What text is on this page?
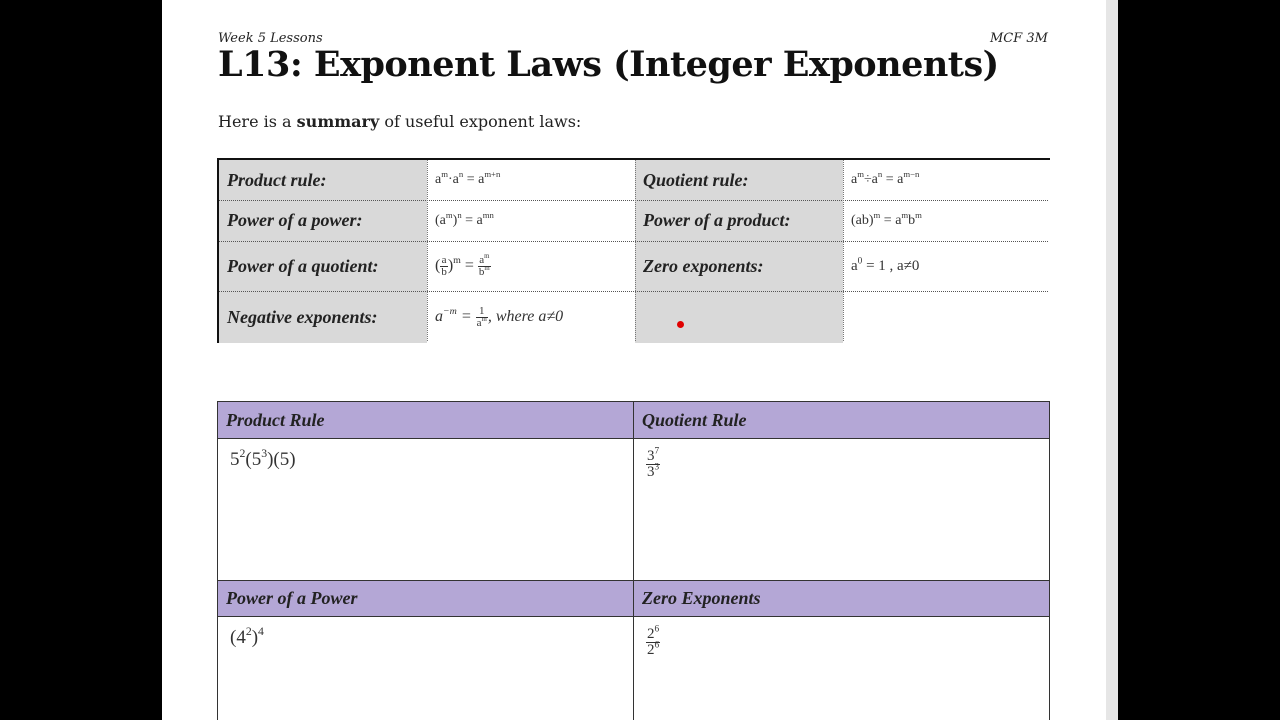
Week 5 Lessons	MCF 3M
L13: Exponent Laws (Integer Exponents)
Here is a summary of useful exponent laws:
Product rule:	$a^m\cdot a^n = a^{m+n}$	Quotient rule:	$a^m\div a^n = a^{m-n}$
Power of a power:	$(a^m)^n = a^{mn}$	Power of a product:	$(ab)^m = a^mb^m$
Power of a quotient:	( $\frac{a}{b} )^m = \frac{a^m}{b^m}$	Zero exponents:	$a^0 = 1$ , a≠0
Negative exponents:	$a^{-m} = \frac{1}{a^m}$ , where a≠0
Product Rule	Quotient Rule
$5^2(5^3)(5)$	$\frac{3^7}{3^3}$
Power of a Power	Zero Exponents
$(4^2)^4$	$\frac{2^6}{2^6}$
